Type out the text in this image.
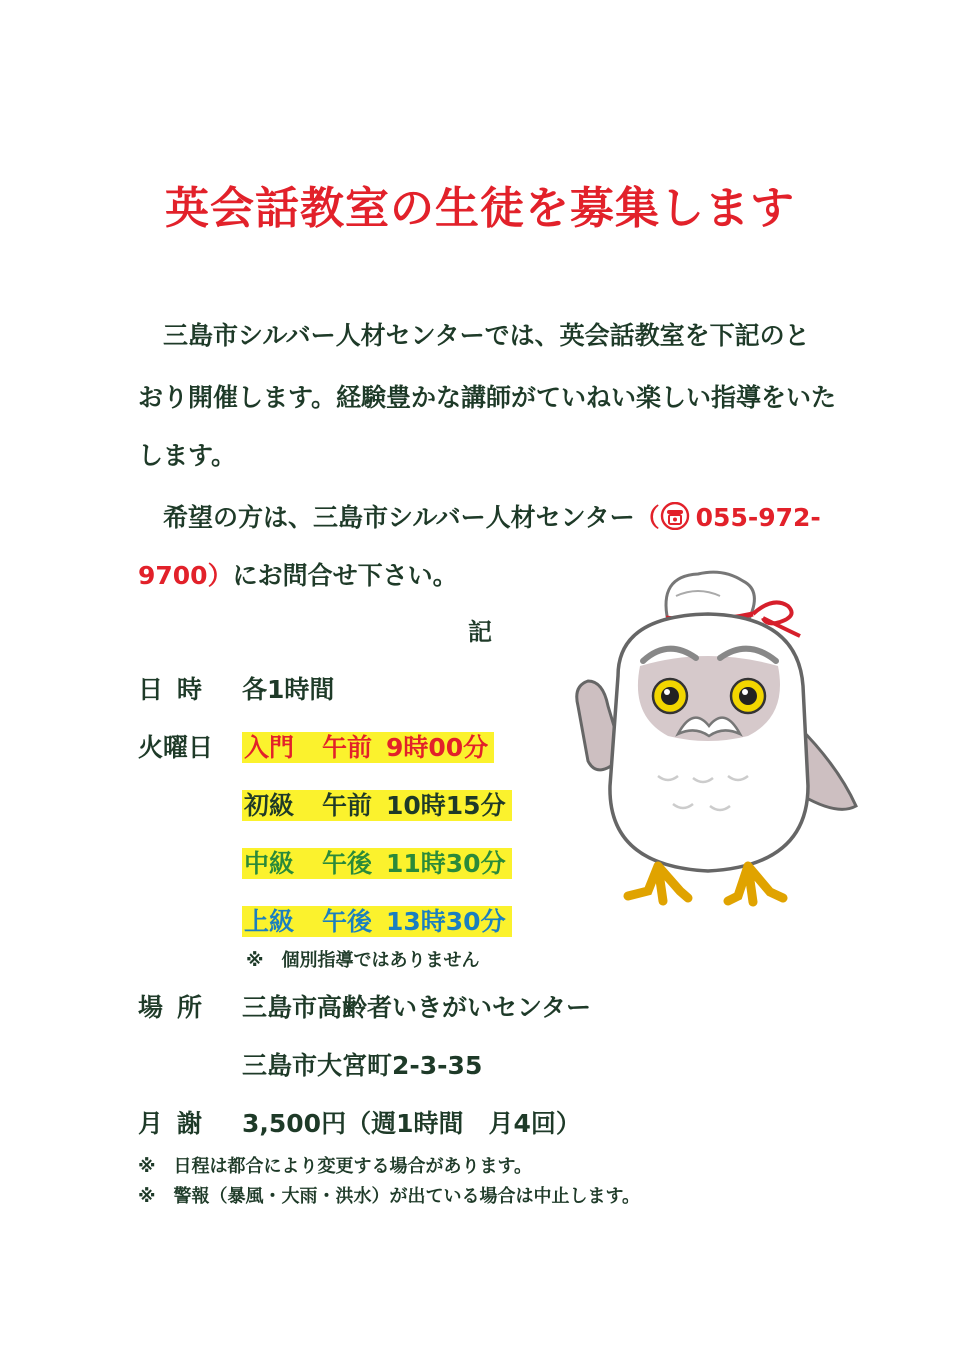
英会話教室の生徒を募集します
三島市シルバー人材センターでは、英会話教室を下記のと
おり開催します。経験豊かな講師がていねい楽しい指導をいた
します。
希望の方は、三島市シルバー人材センター（ 055-972-
9700）にお問合せ下さい。
記
日時 各1時間
火曜日 入門 午前 9時00分
初級 午前 10時15分
中級 午後 11時30分
上級 午後 13時30分
※　個別指導ではありません
場所 三島市高齢者いきがいセンター
三島市大宮町2-3-35
月謝 3,500円（週1時間　月4回）
※　日程は都合により変更する場合があります。
※　警報（暴風・大雨・洪水）が出ている場合は中止します。
